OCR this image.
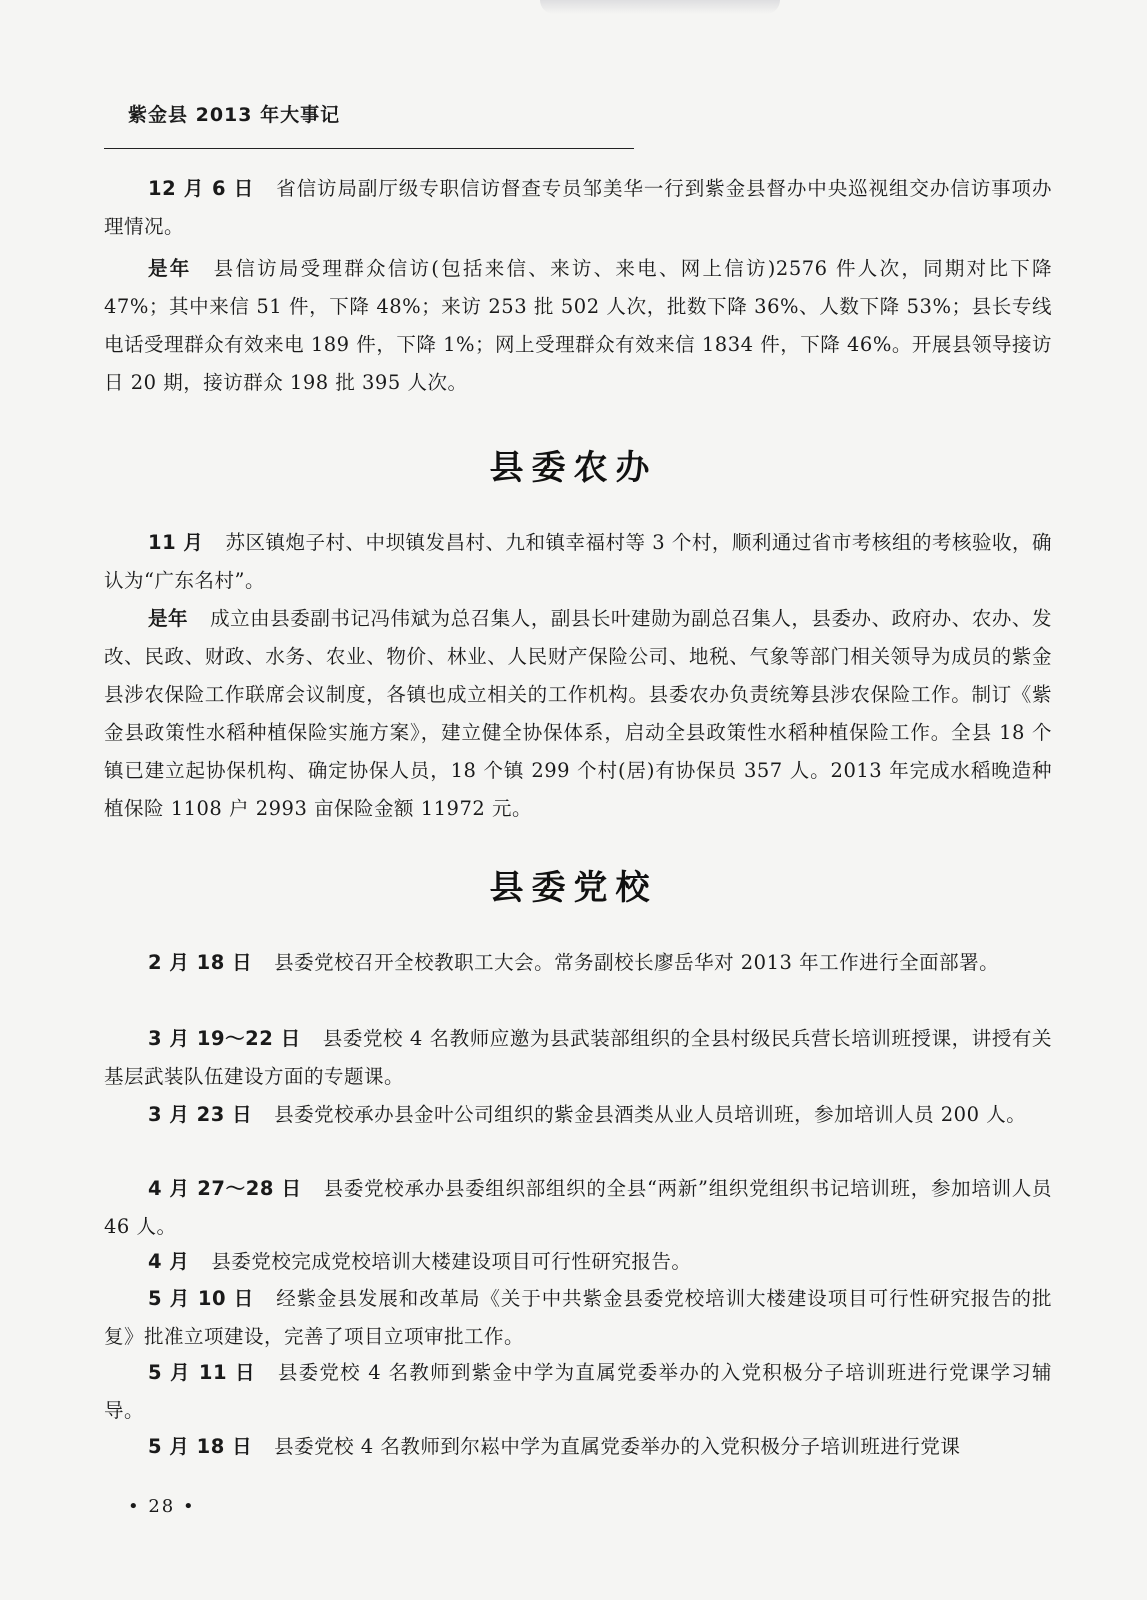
紫金县 2013 年大事记

12 月 6 日 省信访局副厅级专职信访督查专员邹美华一行到紫金县督办中央巡视组交办信访事项办理情况。

是年 县信访局受理群众信访(包括来信、来访、来电、网上信访)2576 件人次，同期对比下降 47%；其中来信 51 件，下降 48%；来访 253 批 502 人次，批数下降 36%、人数下降 53%；县长专线电话受理群众有效来电 189 件，下降 1%；网上受理群众有效来信 1834 件，下降 46%。开展县领导接访日 20 期，接访群众 198 批 395 人次。

县委农办

11 月 苏区镇炮子村、中坝镇发昌村、九和镇幸福村等 3 个村，顺利通过省市考核组的考核验收，确认为“广东名村”。

是年 成立由县委副书记冯伟斌为总召集人，副县长叶建勋为副总召集人，县委办、政府办、农办、发改、民政、财政、水务、农业、物价、林业、人民财产保险公司、地税、气象等部门相关领导为成员的紫金县涉农保险工作联席会议制度，各镇也成立相关的工作机构。县委农办负责统筹县涉农保险工作。制订《紫金县政策性水稻种植保险实施方案》，建立健全协保体系，启动全县政策性水稻种植保险工作。全县 18 个镇已建立起协保机构、确定协保人员，18 个镇 299 个村(居)有协保员 357 人。2013 年完成水稻晚造种植保险 1108 户 2993 亩保险金额 11972 元。

县委党校

2 月 18 日 县委党校召开全校教职工大会。常务副校长廖岳华对 2013 年工作进行全面部署。

3 月 19～22 日 县委党校 4 名教师应邀为县武装部组织的全县村级民兵营长培训班授课，讲授有关基层武装队伍建设方面的专题课。

3 月 23 日 县委党校承办县金叶公司组织的紫金县酒类从业人员培训班，参加培训人员 200 人。

4 月 27～28 日 县委党校承办县委组织部组织的全县“两新”组织党组织书记培训班，参加培训人员 46 人。

4 月 县委党校完成党校培训大楼建设项目可行性研究报告。

5 月 10 日 经紫金县发展和改革局《关于中共紫金县委党校培训大楼建设项目可行性研究报告的批复》批准立项建设，完善了项目立项审批工作。

5 月 11 日 县委党校 4 名教师到紫金中学为直属党委举办的入党积极分子培训班进行党课学习辅导。

5 月 18 日 县委党校 4 名教师到尔崧中学为直属党委举办的入党积极分子培训班进行党课

• 28 •
